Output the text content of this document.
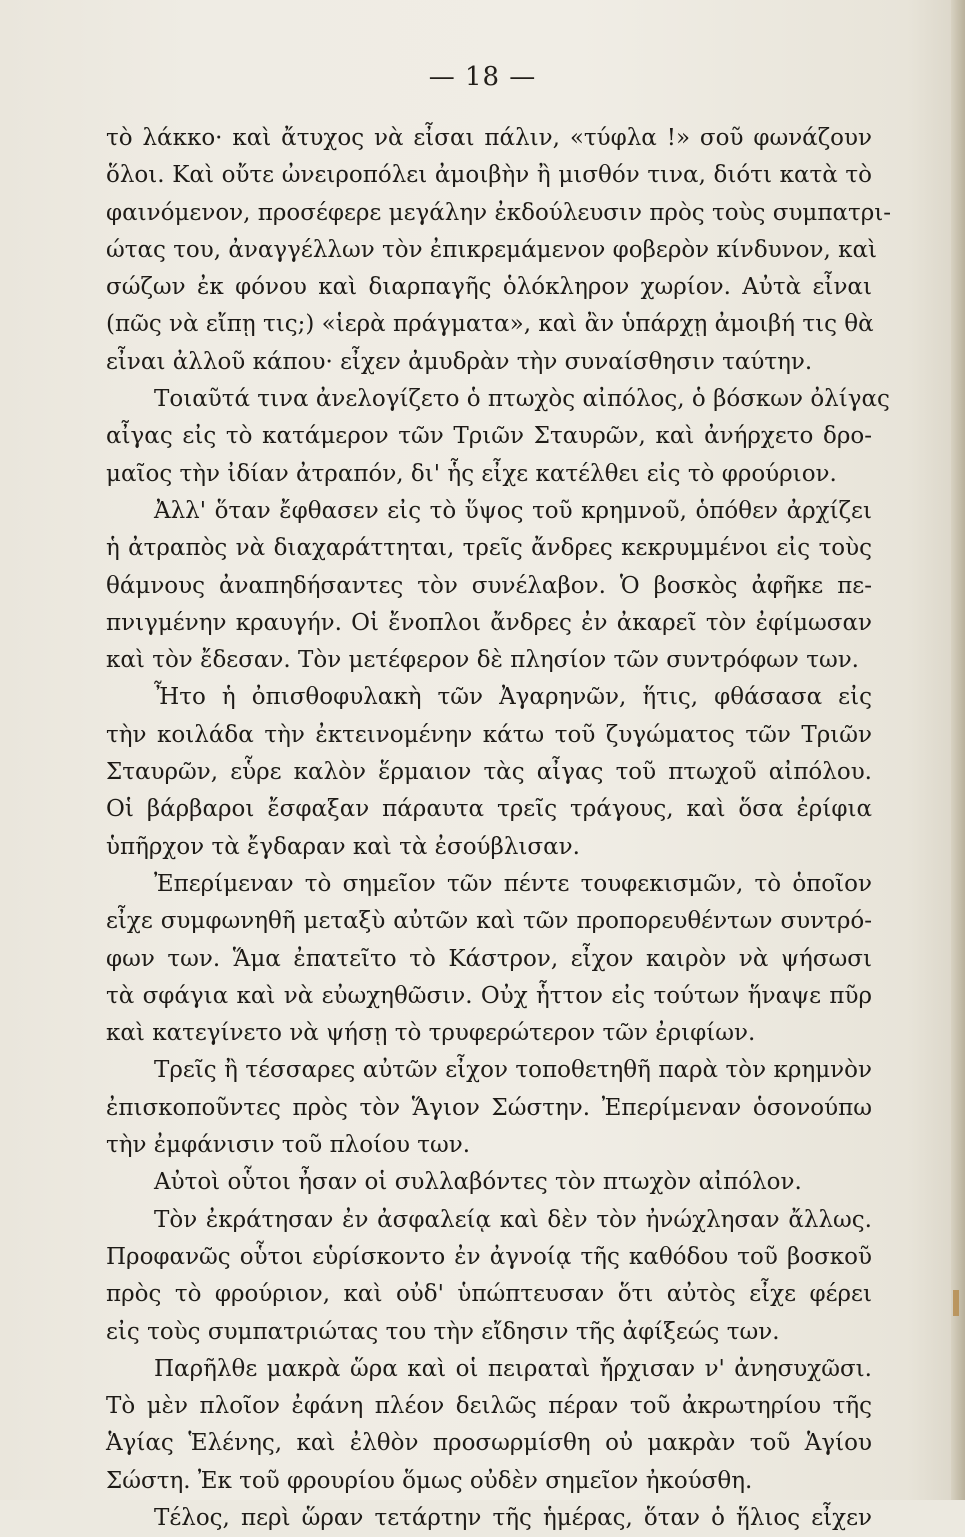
— 18 —
τὸ λάκκο· καὶ ἄτυχος νὰ εἶσαι πάλιν, «τύφλα !» σοῦ φωνάζουν
ὅλοι. Καὶ οὔτε ὠνειροπόλει ἀμοιβὴν ἢ μισθόν τινα, διότι κατὰ τὸ
φαινόμενον, προσέφερε μεγάλην ἐκδούλευσιν πρὸς τοὺς συμπατρι-
ώτας του, ἀναγγέλλων τὸν ἐπικρεμάμενον φοβερὸν κίνδυνον, καὶ
σώζων ἐκ φόνου καὶ διαρπαγῆς ὁλόκληρον χωρίον. Αὐτὰ εἶναι
(πῶς νὰ εἴπῃ τις;) «ἱερὰ πράγματα», καὶ ἂν ὑπάρχῃ ἀμοιβή τις θὰ
εἶναι ἀλλοῦ κάπου· εἶχεν ἀμυδρὰν τὴν συναίσθησιν ταύτην.
Τοιαῦτά τινα ἀνελογίζετο ὁ πτωχὸς αἰπόλος, ὁ βόσκων ὀλίγας
αἶγας εἰς τὸ κατάμερον τῶν Τριῶν Σταυρῶν, καὶ ἀνήρχετο δρο-
μαῖος τὴν ἰδίαν ἀτραπόν, δι' ἧς εἶχε κατέλθει εἰς τὸ φρούριον.
Ἀλλ' ὅταν ἔφθασεν εἰς τὸ ὕψος τοῦ κρημνοῦ, ὁπόθεν ἀρχίζει
ἡ ἀτραπὸς νὰ διαχαράττηται, τρεῖς ἄνδρες κεκρυμμένοι εἰς τοὺς
θάμνους ἀναπηδήσαντες τὸν συνέλαβον. Ὁ βοσκὸς ἀφῆκε πε-
πνιγμένην κραυγήν. Οἱ ἔνοπλοι ἄνδρες ἐν ἀκαρεῖ τὸν ἐφίμωσαν
καὶ τὸν ἔδεσαν. Τὸν μετέφερον δὲ πλησίον τῶν συντρόφων των.
Ἦτο ἡ ὀπισθοφυλακὴ τῶν Ἀγαρηνῶν, ἥτις, φθάσασα εἰς
τὴν κοιλάδα τὴν ἐκτεινομένην κάτω τοῦ ζυγώματος τῶν Τριῶν
Σταυρῶν, εὗρε καλὸν ἕρμαιον τὰς αἶγας τοῦ πτωχοῦ αἰπόλου.
Οἱ βάρβαροι ἔσφαξαν πάραυτα τρεῖς τράγους, καὶ ὅσα ἐρίφια
ὑπῆρχον τὰ ἔγδαραν καὶ τὰ ἐσούβλισαν.
Ἐπερίμεναν τὸ σημεῖον τῶν πέντε τουφεκισμῶν, τὸ ὁποῖον
εἶχε συμφωνηθῆ μεταξὺ αὐτῶν καὶ τῶν προπορευθέντων συντρό-
φων των. Ἅμα ἐπατεῖτο τὸ Κάστρον, εἶχον καιρὸν νὰ ψήσωσι
τὰ σφάγια καὶ νὰ εὐωχηθῶσιν. Οὐχ ἧττον εἰς τούτων ἥναψε πῦρ
καὶ κατεγίνετο νὰ ψήσῃ τὸ τρυφερώτερον τῶν ἐριφίων.
Τρεῖς ἢ τέσσαρες αὐτῶν εἶχον τοποθετηθῆ παρὰ τὸν κρημνὸν
ἐπισκοποῦντες πρὸς τὸν Ἅγιον Σώστην. Ἐπερίμεναν ὁσονούπω
τὴν ἐμφάνισιν τοῦ πλοίου των.
Αὐτοὶ οὗτοι ἦσαν οἱ συλλαβόντες τὸν πτωχὸν αἰπόλον.
Τὸν ἐκράτησαν ἐν ἀσφαλείᾳ καὶ δὲν τὸν ἠνώχλησαν ἄλλως.
Προφανῶς οὗτοι εὑρίσκοντο ἐν ἀγνοίᾳ τῆς καθόδου τοῦ βοσκοῦ
πρὸς τὸ φρούριον, καὶ οὐδ' ὑπώπτευσαν ὅτι αὐτὸς εἶχε φέρει
εἰς τοὺς συμπατριώτας του τὴν εἴδησιν τῆς ἀφίξεώς των.
Παρῆλθε μακρὰ ὥρα καὶ οἱ πειραταὶ ἤρχισαν ν' ἀνησυχῶσι.
Τὸ μὲν πλοῖον ἐφάνη πλέον δειλῶς πέραν τοῦ ἀκρωτηρίου τῆς
Ἁγίας Ἑλένης, καὶ ἐλθὸν προσωρμίσθη οὐ μακρὰν τοῦ Ἁγίου
Σώστη. Ἐκ τοῦ φρουρίου ὅμως οὐδὲν σημεῖον ἠκούσθη.
Τέλος, περὶ ὥραν τετάρτην τῆς ἡμέρας, ὅταν ὁ ἥλιος εἶχεν
